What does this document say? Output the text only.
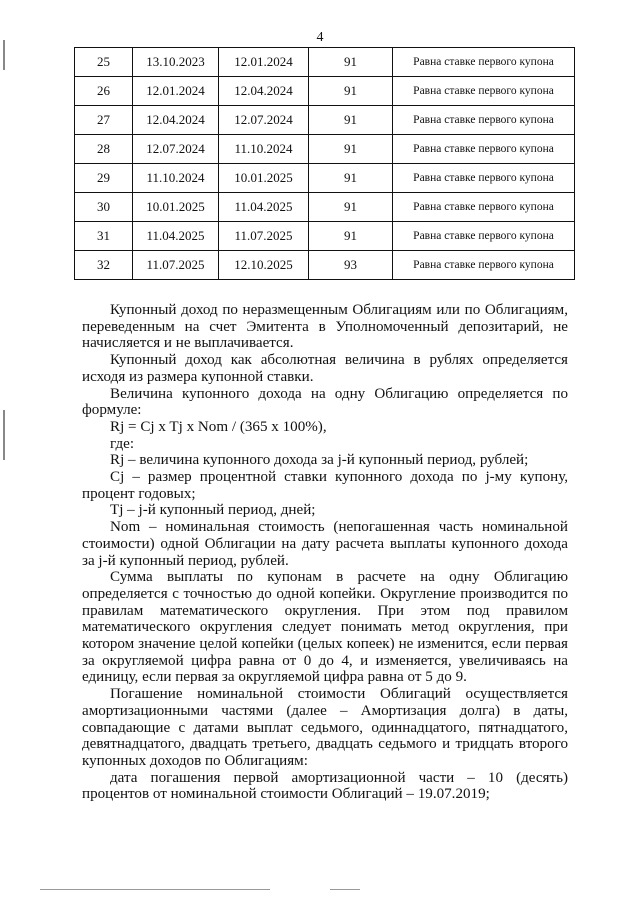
4
25	13.10.2023	12.01.2024	91	Равна ставке первого купона
26	12.01.2024	12.04.2024	91	Равна ставке первого купона
27	12.04.2024	12.07.2024	91	Равна ставке первого купона
28	12.07.2024	11.10.2024	91	Равна ставке первого купона
29	11.10.2024	10.01.2025	91	Равна ставке первого купона
30	10.01.2025	11.04.2025	91	Равна ставке первого купона
31	11.04.2025	11.07.2025	91	Равна ставке первого купона
32	11.07.2025	12.10.2025	93	Равна ставке первого купона

Купонный доход по неразмещенным Облигациям или по Облигациям, переведенным на счет Эмитента в Уполномоченный депозитарий, не начисляется и не выплачивается.

Купонный доход как абсолютная величина в рублях определяется исходя из размера купонной ставки.

Величина купонного дохода на одну Облигацию определяется по формуле:

Rj = Cj x Tj x Nom / (365 x 100%),

где:

Rj – величина купонного дохода за j-й купонный период, рублей;

Cj – размер процентной ставки купонного дохода по j-му купону, процент годовых;

Tj – j-й купонный период, дней;

Nom – номинальная стоимость (непогашенная часть номинальной стоимости) одной Облигации на дату расчета выплаты купонного дохода за j-й купонный период, рублей.

Сумма выплаты по купонам в расчете на одну Облигацию определяется с точностью до одной копейки. Округление производится по правилам математического округления. При этом под правилом математического округления следует понимать метод округления, при котором значение целой копейки (целых копеек) не изменится, если первая за округляемой цифра равна от 0 до 4, и изменяется, увеличиваясь на единицу, если первая за округляемой цифра равна от 5 до 9.

Погашение номинальной стоимости Облигаций осуществляется амортизационными частями (далее – Амортизация долга) в даты, совпадающие с датами выплат седьмого, одиннадцатого, пятнадцатого, девятнадцатого, двадцать третьего, двадцать седьмого и тридцать второго купонных доходов по Облигациям:

дата погашения первой амортизационной части – 10 (десять) процентов от номинальной стоимости Облигаций – 19.07.2019;
